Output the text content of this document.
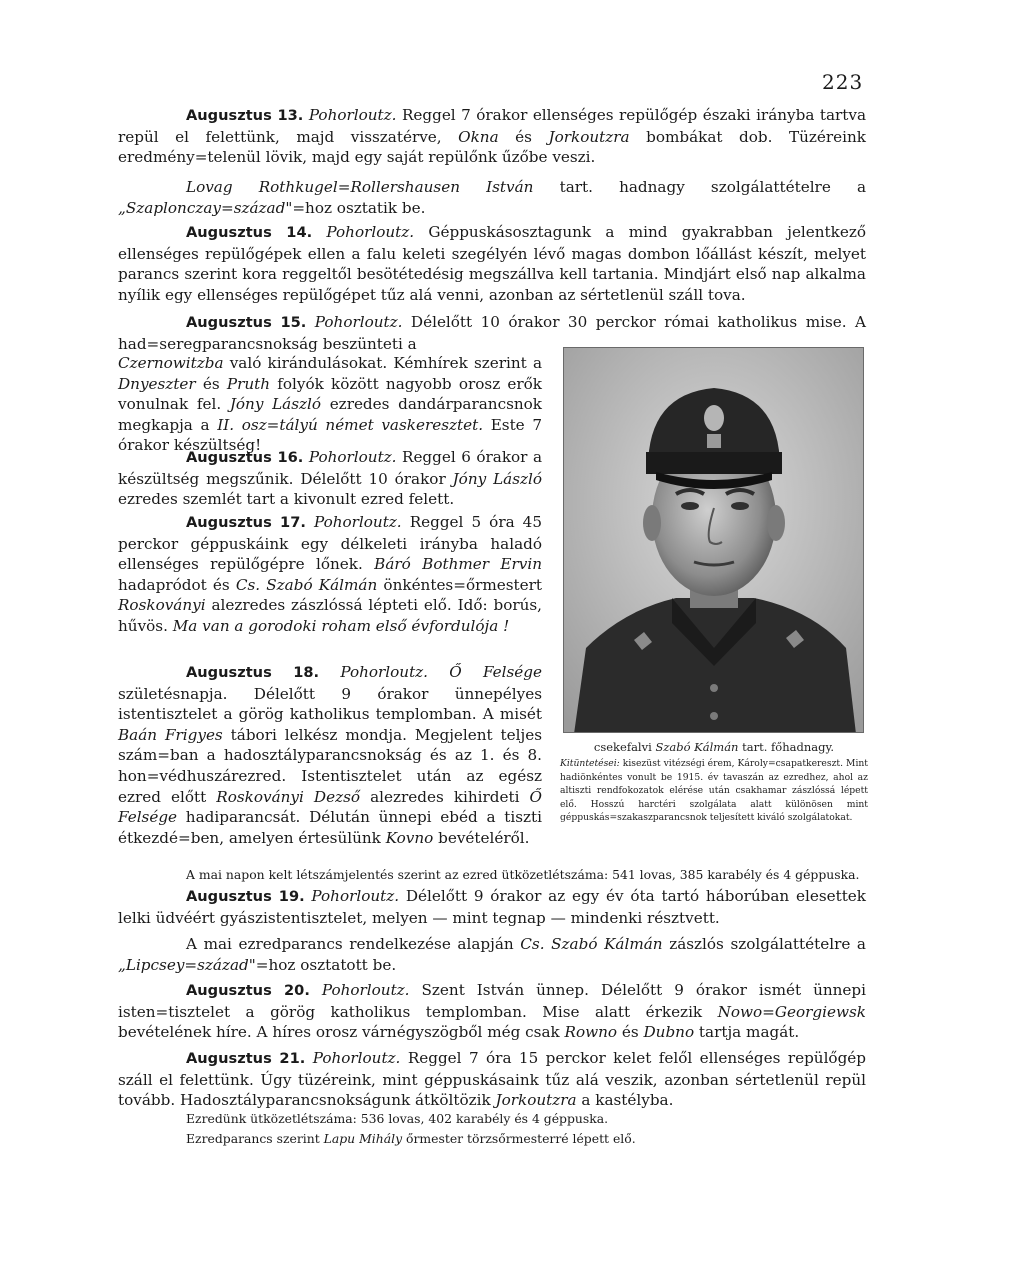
223

Augusztus 13. Pohorloutz. Reggel 7 órakor ellenséges repülőgép északi irányba tartva repül el felettünk, majd visszatérve, Okna és Jorkoutzra bombákat dob. Tüzéreink eredmény=telenül lövik, majd egy saját repülőnk űzőbe veszi.

Lovag Rothkugel=Rollershausen István tart. hadnagy szolgálattételre a „Szaplonczay=század"=hoz osztatik be.

Augusztus 14. Pohorloutz. Géppuskásosztagunk a mind gyakrabban jelentkező ellenséges repülőgépek ellen a falu keleti szegélyén lévő magas dombon lőállást készít, melyet parancs szerint kora reggeltől besötétedésig megszállva kell tartania. Mindjárt első nap alkalma nyílik egy ellenséges repülőgépet tűz alá venni, azonban az sértetlenül száll tova.

Augusztus 15. Pohorloutz. Délelőtt 10 órakor 30 perckor római katholikus mise. A had=seregparancsnokság beszünteti a

Czernowitzba való kirándulásokat. Kémhírek szerint a Dnyeszter és Pruth folyók között nagyobb orosz erők vonulnak fel. Jóny László ezredes dandárparancsnok megkapja a II. osz=tályú német vaskeresztet. Este 7 órakor készültség!

Augusztus 16. Pohorloutz. Reggel 6 órakor a készültség megszűnik. Délelőtt 10 órakor Jóny László ezredes szemlét tart a kivonult ezred felett.

Augusztus 17. Pohorloutz. Reggel 5 óra 45 perckor géppuskáink egy délkeleti irányba haladó ellenséges repülőgépre lőnek. Báró Bothmer Ervin hadapródot és Cs. Szabó Kálmán önkéntes=őrmestert Roskoványi alezredes zászlóssá lépteti elő. Idő: borús, hűvös. Ma van a gorodoki roham első évfordulója !

Augusztus 18. Pohorloutz. Ő Felsége születésnapja. Délelőtt 9 órakor ünnepélyes istentisztelet a görög katholikus templomban. A misét Baán Frigyes tábori lelkész mondja. Megjelent teljes szám=ban a hadosztályparancsnokság és az 1. és 8. hon=védhuszárezred. Istentisztelet után az egész ezred előtt Roskoványi Dezső alezredes kihirdeti Ő Felsége hadiparancsát. Délután ünnepi ebéd a tiszti étkezdé=ben, amelyen értesülünk Kovno bevételéről.

csekefalvi Szabó Kálmán tart. főhadnagy.
Kitüntetései: kisezüst vitézségi érem, Károly=csapatkereszt. Mint hadiönkéntes vonult be 1915. év tavaszán az ezredhez, ahol az altiszti rendfokozatok elérése után csakhamar zászlóssá lépett elő. Hosszú harctéri szolgálata alatt különösen mint géppuskás=szakaszparancsnok teljesített kiváló szolgálatokat.

A mai napon kelt létszámjelentés szerint az ezred ütközetlétszáma: 541 lovas, 385 karabély és 4 géppuska.

Augusztus 19. Pohorloutz. Délelőtt 9 órakor az egy év óta tartó háborúban elesettek lelki üdvéért gyászistentisztelet, melyen — mint tegnap — mindenki résztvett.

A mai ezredparancs rendelkezése alapján Cs. Szabó Kálmán zászlós szolgálattételre a „Lipcsey=század"=hoz osztatott be.

Augusztus 20. Pohorloutz. Szent István ünnep. Délelőtt 9 órakor ismét ünnepi isten=tisztelet a görög katholikus templomban. Mise alatt érkezik Nowo=Georgiewsk bevételének híre. A híres orosz várnégyszögből még csak Rowno és Dubno tartja magát.

Augusztus 21. Pohorloutz. Reggel 7 óra 15 perckor kelet felől ellenséges repülőgép száll el felettünk. Úgy tüzéreink, mint géppuskásaink tűz alá veszik, azonban sértetlenül repül tovább. Hadosztályparancsnokságunk átköltözik Jorkoutzra a kastélyba.

Ezredünk ütközetlétszáma: 536 lovas, 402 karabély és 4 géppuska.

Ezredparancs szerint Lapu Mihály őrmester törzsőrmesterré lépett elő.
